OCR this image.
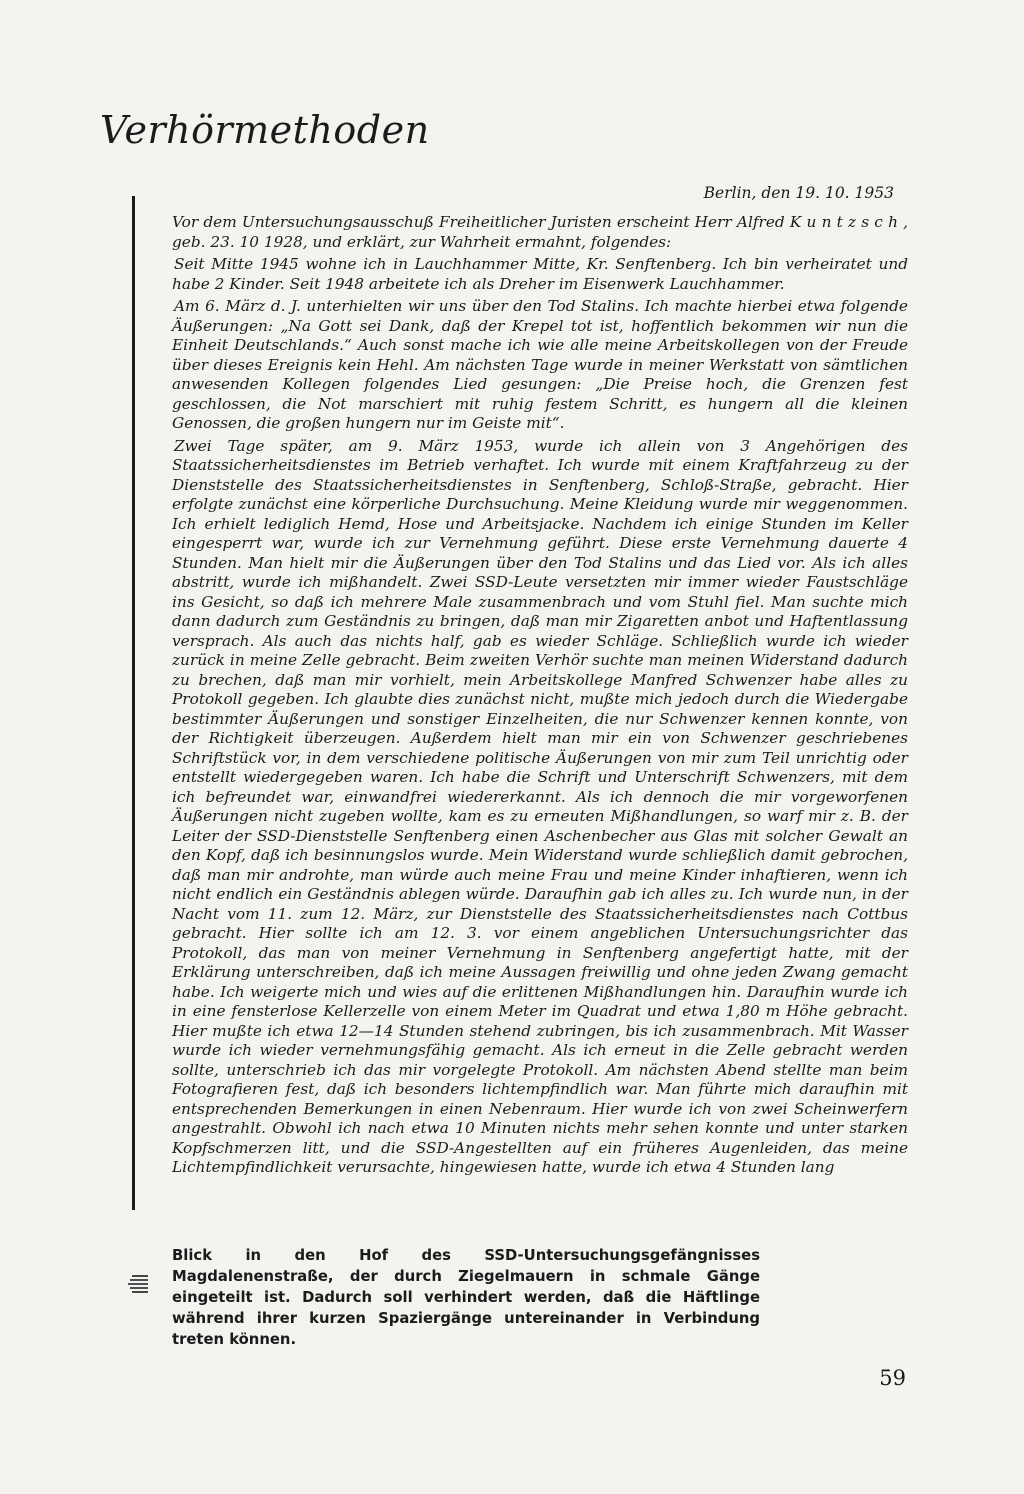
Verhörmethoden
Berlin, den 19. 10. 1953

Vor dem Untersuchungsausschuß Freiheitlicher Juristen erscheint Herr Alfred K u n t z s c h , geb. 23. 10 1928, und erklärt, zur Wahrheit ermahnt, folgendes:

Seit Mitte 1945 wohne ich in Lauchhammer Mitte, Kr. Senftenberg. Ich bin verheiratet und habe 2 Kinder. Seit 1948 arbeitete ich als Dreher im Eisenwerk Lauchhammer.

Am 6. März d. J. unterhielten wir uns über den Tod Stalins. Ich machte hierbei etwa folgende Äußerungen: „Na Gott sei Dank, daß der Krepel tot ist, hoffentlich bekommen wir nun die Einheit Deutschlands.“ Auch sonst mache ich wie alle meine Arbeitskollegen von der Freude über dieses Ereignis kein Hehl. Am nächsten Tage wurde in meiner Werkstatt von sämtlichen anwesenden Kollegen folgendes Lied gesungen: „Die Preise hoch, die Grenzen fest geschlossen, die Not marschiert mit ruhig festem Schritt, es hungern all die kleinen Genossen, die großen hungern nur im Geiste mit“.

Zwei Tage später, am 9. März 1953, wurde ich allein von 3 Angehörigen des Staatssicherheitsdienstes im Betrieb verhaftet. Ich wurde mit einem Kraftfahrzeug zu der Dienststelle des Staatssicherheitsdienstes in Senftenberg, Schloß-Straße, gebracht. Hier erfolgte zunächst eine körperliche Durchsuchung. Meine Kleidung wurde mir weggenommen. Ich erhielt lediglich Hemd, Hose und Arbeitsjacke. Nachdem ich einige Stunden im Keller eingesperrt war, wurde ich zur Vernehmung geführt. Diese erste Vernehmung dauerte 4 Stunden. Man hielt mir die Äußerungen über den Tod Stalins und das Lied vor. Als ich alles abstritt, wurde ich mißhandelt. Zwei SSD-Leute versetzten mir immer wieder Faustschläge ins Gesicht, so daß ich mehrere Male zusammenbrach und vom Stuhl fiel. Man suchte mich dann dadurch zum Geständnis zu bringen, daß man mir Zigaretten anbot und Haftentlassung versprach. Als auch das nichts half, gab es wieder Schläge. Schließlich wurde ich wieder zurück in meine Zelle gebracht. Beim zweiten Verhör suchte man meinen Widerstand dadurch zu brechen, daß man mir vorhielt, mein Arbeitskollege Manfred Schwenzer habe alles zu Protokoll gegeben. Ich glaubte dies zunächst nicht, mußte mich jedoch durch die Wiedergabe bestimmter Äußerungen und sonstiger Einzelheiten, die nur Schwenzer kennen konnte, von der Richtigkeit überzeugen. Außerdem hielt man mir ein von Schwenzer geschriebenes Schriftstück vor, in dem verschiedene politische Äußerungen von mir zum Teil unrichtig oder entstellt wiedergegeben waren. Ich habe die Schrift und Unterschrift Schwenzers, mit dem ich befreundet war, einwandfrei wiedererkannt. Als ich dennoch die mir vorgeworfenen Äußerungen nicht zugeben wollte, kam es zu erneuten Mißhandlungen, so warf mir z. B. der Leiter der SSD-Dienststelle Senftenberg einen Aschenbecher aus Glas mit solcher Gewalt an den Kopf, daß ich besinnungslos wurde. Mein Widerstand wurde schließlich damit gebrochen, daß man mir androhte, man würde auch meine Frau und meine Kinder inhaftieren, wenn ich nicht endlich ein Geständnis ablegen würde. Daraufhin gab ich alles zu. Ich wurde nun, in der Nacht vom 11. zum 12. März, zur Dienststelle des Staatssicherheitsdienstes nach Cottbus gebracht. Hier sollte ich am 12. 3. vor einem angeblichen Untersuchungsrichter das Protokoll, das man von meiner Vernehmung in Senftenberg angefertigt hatte, mit der Erklärung unterschreiben, daß ich meine Aussagen freiwillig und ohne jeden Zwang gemacht habe. Ich weigerte mich und wies auf die erlittenen Mißhandlungen hin. Daraufhin wurde ich in eine fensterlose Kellerzelle von einem Meter im Quadrat und etwa 1,80 m Höhe gebracht. Hier mußte ich etwa 12—14 Stunden stehend zubringen, bis ich zusammenbrach. Mit Wasser wurde ich wieder vernehmungsfähig gemacht. Als ich erneut in die Zelle gebracht werden sollte, unterschrieb ich das mir vorgelegte Protokoll. Am nächsten Abend stellte man beim Fotografieren fest, daß ich besonders lichtempfindlich war. Man führte mich daraufhin mit entsprechenden Bemerkungen in einen Nebenraum. Hier wurde ich von zwei Scheinwerfern angestrahlt. Obwohl ich nach etwa 10 Minuten nichts mehr sehen konnte und unter starken Kopfschmerzen litt, und die SSD-Angestellten auf ein früheres Augenleiden, das meine Lichtempfindlichkeit verursachte, hingewiesen hatte, wurde ich etwa 4 Stunden lang

Blick in den Hof des SSD-Untersuchungsgefängnisses Magdalenenstraße, der durch Ziegelmauern in schmale Gänge eingeteilt ist. Dadurch soll verhindert werden, daß die Häftlinge während ihrer kurzen Spaziergänge untereinander in Verbindung treten können.
59
